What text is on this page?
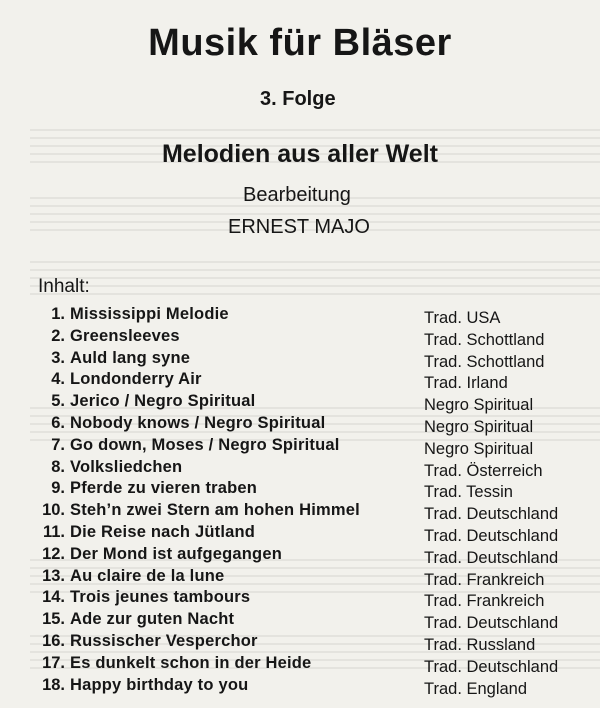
Musik für Bläser
3. Folge
Melodien aus aller Welt
Bearbeitung
ERNEST MAJO
Inhalt:
1. Mississippi Melodie	Trad. USA
2. Greensleeves	Trad. Schottland
3. Auld lang syne	Trad. Schottland
4. Londonderry Air	Trad. Irland
5. Jerico / Negro Spiritual	Negro Spiritual
6. Nobody knows / Negro Spiritual	Negro Spiritual
7. Go down, Moses / Negro Spiritual	Negro Spiritual
8. Volksliedchen	Trad. Österreich
9. Pferde zu vieren traben	Trad. Tessin
10. Steh’n zwei Stern am hohen Himmel	Trad. Deutschland
11. Die Reise nach Jütland	Trad. Deutschland
12. Der Mond ist aufgegangen	Trad. Deutschland
13. Au claire de la lune	Trad. Frankreich
14. Trois jeunes tambours	Trad. Frankreich
15. Ade zur guten Nacht	Trad. Deutschland
16. Russischer Vesperchor	Trad. Russland
17. Es dunkelt schon in der Heide	Trad. Deutschland
18. Happy birthday to you	Trad. England
